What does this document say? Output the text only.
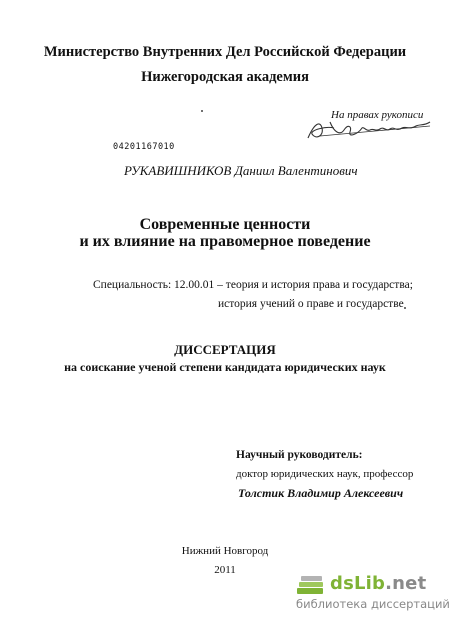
Министерство Внутренних Дел Российской Федерации
Нижегородская академия
На правах рукописи
04201167010
РУКАВИШНИКОВ Даниил Валентинович
Современные ценности
и их влияние на правомерное поведение
Специальность: 12.00.01 – теория и история права и государства;
история учений о праве и государстве
ДИССЕРТАЦИЯ
на соискание ученой степени кандидата юридических наук
Научный руководитель:
доктор юридических наук, профессор
Толстик Владимир Алексеевич
Нижний Новгород
2011
dsLib.net
библиотека диссертаций
